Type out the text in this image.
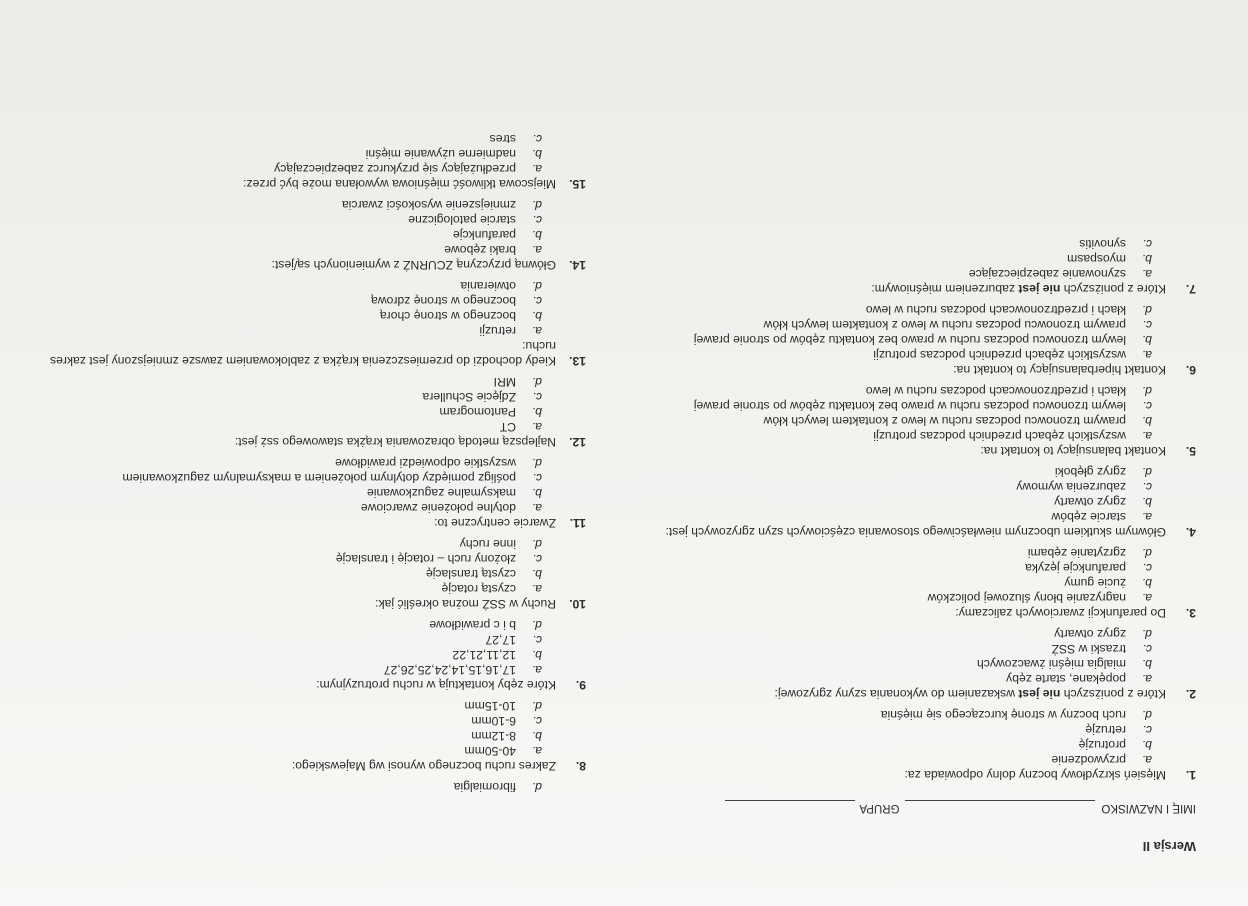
Wersja II
IMIĘ I NAZWISKO
GRUPA
1.
Mięsień skrzydłowy boczny dolny odpowiada za:
a.
przywodzenie
b.
protruzję
c.
retruzję
d.
ruch boczny w stronę kurczącego się mięśnia
2.
Które z poniższych nie jest wskazaniem do wykonania szyny zgryzowej:
a.
popękane, starte zęby
b.
mialgia mięśni żwaczowych
c.
trzaski w SSŻ
d.
zgryz otwarty
3.
Do parafunkcji zwarciowych zaliczamy:
a.
nagryzanie błony śluzowej policzków
b.
żucie gumy
c.
parafunkcje języka
d.
zgrzytanie zębami
4.
Głównym skutkiem ubocznym niewłaściwego stosowania częściowych szyn zgryzowych jest:
a.
starcie zębów
b.
zgryz otwarty
c.
zaburzenia wymowy
d.
zgryz głęboki
5.
Kontakt balansujący to kontakt na:
a.
wszystkich zębach przednich podczas protruzji
b.
prawym trzonowcu podczas ruchu w lewo z kontaktem lewych kłów
c.
lewym trzonowcu podczas ruchu w prawo bez kontaktu zębów po stronie prawej
d.
kłach i przedtrzonowcach podczas ruchu w lewo
6.
Kontakt hiperbalansujący to kontakt na:
a.
wszystkich zębach przednich podczas protruzji
b.
lewym trzonowcu podczas ruchu w prawo bez kontaktu zębów po stronie prawej
c.
prawym trzonowcu podczas ruchu w lewo z kontaktem lewych kłów
d.
kłach i przedtrzonowcach podczas ruchu w lewo
7.
Które z poniższych nie jest zaburzeniem mięśniowym:
a.
szynowanie zabezpieczające
b.
myospasm
c.
synovitis
d.
fibromialgia
8.
Zakres ruchu bocznego wynosi wg Majewskiego:
a.
40-50mm
b.
8-12mm
c.
6-10mm
d.
10-15mm
9.
Które zęby kontaktują w ruchu protruzyjnym:
a.
17,16,15,14,24,25,26,27
b.
12,11,21,22
c.
17,27
d.
b i c prawidłowe
10.
Ruchy w SSŻ można określić jak:
a.
czystą rotację
b.
czystą translację
c.
złożony ruch – rotację i translację
d.
inne ruchy
11.
Zwarcie centryczne to:
a.
dotylne położenie zwarciowe
b.
maksymalne zaguzkowanie
c.
pośligz pomiędzy dotylnym położeniem a maksymalnym zaguzkowaniem
d.
wszystkie odpowiedzi prawidłowe
12.
Najlepszą metodą obrazowania krążka stawowego ssż jest:
a.
CT
b.
Pantomogram
c.
Zdjęcie Schullera
d.
MRI
13.
Kiedy dochodzi do przemieszczenia krążka z zablokowaniem zawsze zmniejszony jest zakres ruchu:
a.
retruzji
b.
bocznego w stronę chorą
c.
bocznego w stronę zdrową
d.
otwierania
14.
Główną przyczyną ZCURNŻ z wymienionych są/jest:
a.
braki zębowe
b.
parafunkcje
c.
starcie patologiczne
d.
zmniejszenie wysokości zwarcia
15.
Miejscowa tkliwość mięśniowa wywołana może być przez:
a.
przedłużający się przykurcz zabezpieczający
b.
nadmierne używanie mięśni
c.
stres
